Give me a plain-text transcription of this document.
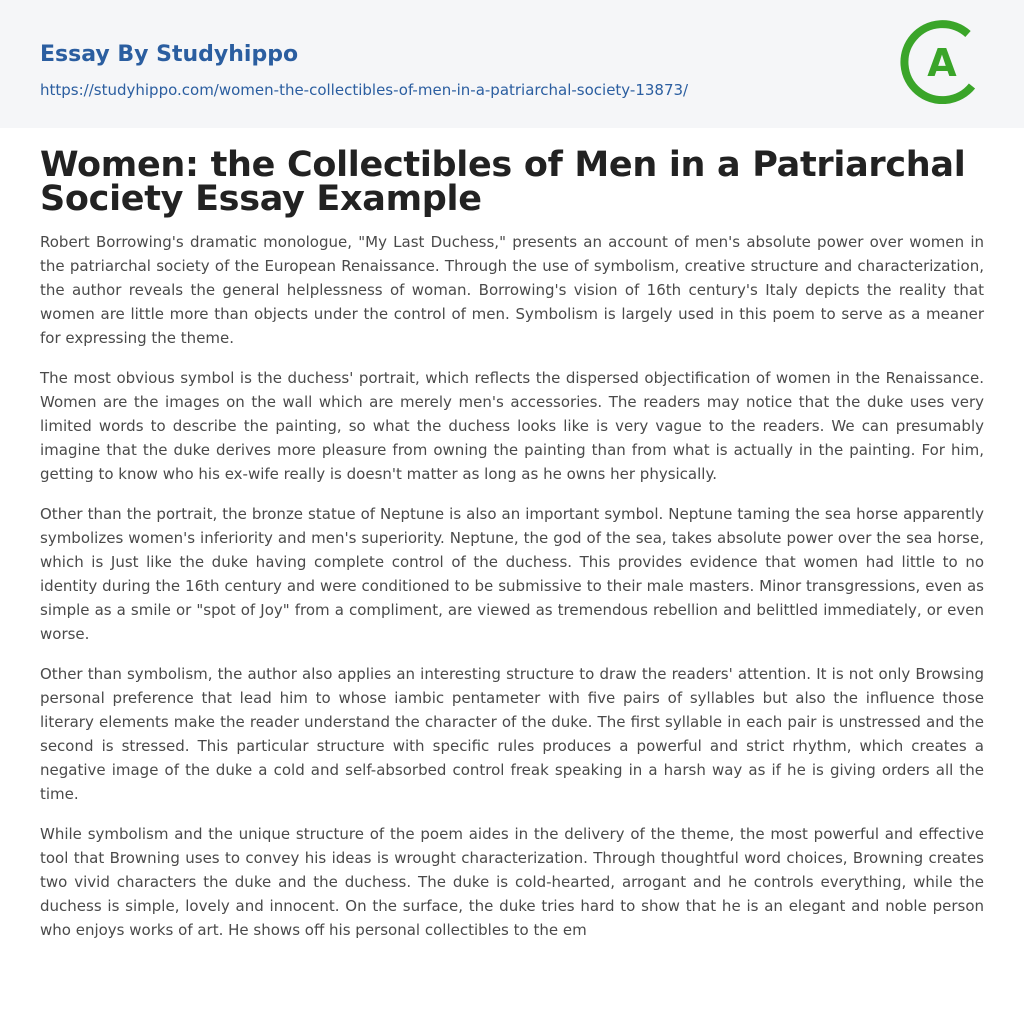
Essay By Studyhippo
https://studyhippo.com/women-the-collectibles-of-men-in-a-patriarchal-society-13873/
A
Women: the Collectibles of Men in a Patriarchal Society Essay Example

Robert Borrowing's dramatic monologue, "My Last Duchess," presents an account of men's absolute power over women in the patriarchal society of the European Renaissance. Through the use of symbolism, creative structure and characterization, the author reveals the general helplessness of woman. Borrowing's vision of 16th century's Italy depicts the reality that women are little more than objects under the control of men. Symbolism is largely used in this poem to serve as a meaner for expressing the theme.

The most obvious symbol is the duchess' portrait, which reflects the dispersed objectification of women in the Renaissance. Women are the images on the wall which are merely men's accessories. The readers may notice that the duke uses very limited words to describe the painting, so what the duchess looks like is very vague to the readers. We can presumably imagine that the duke derives more pleasure from owning the painting than from what is actually in the painting. For him, getting to know who his ex-wife really is doesn't matter as long as he owns her physically.

Other than the portrait, the bronze statue of Neptune is also an important symbol. Neptune taming the sea horse apparently symbolizes women's inferiority and men's superiority. Neptune, the god of the sea, takes absolute power over the sea horse, which is Just like the duke having complete control of the duchess. This provides evidence that women had little to no identity during the 16th century and were conditioned to be submissive to their male masters. Minor transgressions, even as simple as a smile or "spot of Joy" from a compliment, are viewed as tremendous rebellion and belittled immediately, or even worse.

Other than symbolism, the author also applies an interesting structure to draw the readers' attention. It is not only Browsing personal preference that lead him to whose iambic pentameter with five pairs of syllables but also the influence those literary elements make the reader understand the character of the duke. The first syllable in each pair is unstressed and the second is stressed. This particular structure with specific rules produces a powerful and strict rhythm, which creates a negative image of the duke a cold and self-absorbed control freak speaking in a harsh way as if he is giving orders all the time.

While symbolism and the unique structure of the poem aides in the delivery of the theme, the most powerful and effective tool that Browning uses to convey his ideas is wrought characterization. Through thoughtful word choices, Browning creates two vivid characters the duke and the duchess. The duke is cold-hearted, arrogant and he controls everything, while the duchess is simple, lovely and innocent. On the surface, the duke tries hard to show that he is an elegant and noble person who enjoys works of art. He shows off his personal collectibles to the em
